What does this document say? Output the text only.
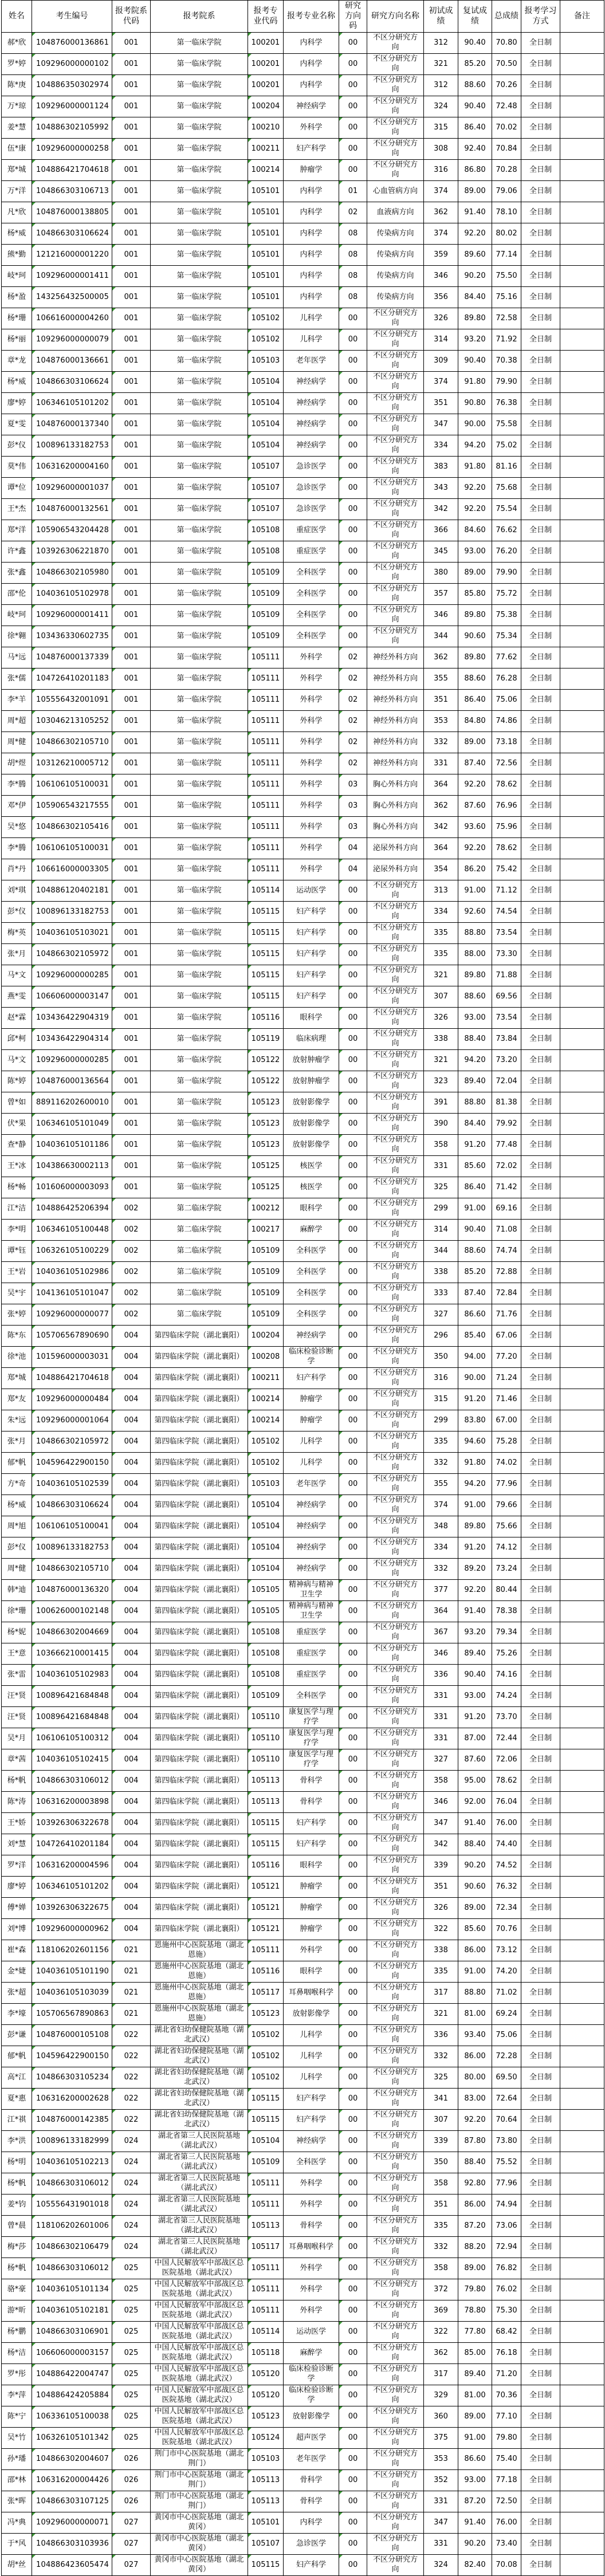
姓名	考生编号	报考院系代码	报考院系	报考专业代码	报考专业名称	研究方向码	研究方向名称	初试成绩	复试成绩	总成绩	报考学习方式	备注
郝*欣	104876000136861	001	第一临床学院	100201	内科学	00	不区分研究方向	312	90.40	70.80	全日制	
罗*婷	109296000000102	001	第一临床学院	100201	内科学	00	不区分研究方向	321	85.20	70.50	全日制	
陈*庚	104886350302974	001	第一临床学院	100201	内科学	00	不区分研究方向	312	88.60	70.26	全日制	
万*琼	109296000001124	001	第一临床学院	100204	神经病学	00	不区分研究方向	324	90.40	72.48	全日制	
姜*慧	104886302105992	001	第一临床学院	100210	外科学	00	不区分研究方向	315	86.40	70.02	全日制	
伍*康	109296000000258	001	第一临床学院	100211	妇产科学	00	不区分研究方向	308	92.40	70.84	全日制	
郑*城	104886421704618	001	第一临床学院	100214	肿瘤学	00	不区分研究方向	316	86.80	70.28	全日制	
万*洋	104866303106713	001	第一临床学院	105101	内科学	01	心血管病方向	374	89.00	79.06	全日制	
凡*欣	104876000138805	001	第一临床学院	105101	内科学	02	血液病方向	362	91.40	78.10	全日制	
杨*威	104866303106624	001	第一临床学院	105101	内科学	08	传染病方向	374	92.20	80.02	全日制	
熊*勤	121216000001220	001	第一临床学院	105101	内科学	08	传染病方向	359	89.60	77.14	全日制	
岐*珂	109296000001411	001	第一临床学院	105101	内科学	08	传染病方向	346	90.20	75.50	全日制	
杨*盈	143256432500005	001	第一临床学院	105101	内科学	08	传染病方向	356	84.40	75.16	全日制	
杨*珊	106616000004260	001	第一临床学院	105102	儿科学	00	不区分研究方向	326	89.80	72.58	全日制	
杨*丽	109296000000079	001	第一临床学院	105102	儿科学	00	不区分研究方向	314	93.20	71.92	全日制	
章*龙	104876000136661	001	第一临床学院	105103	老年医学	00	不区分研究方向	309	90.40	70.38	全日制	
杨*威	104866303106624	001	第一临床学院	105104	神经病学	00	不区分研究方向	374	91.80	79.90	全日制	
廖*婷	106346105101202	001	第一临床学院	105104	神经病学	00	不区分研究方向	351	90.80	76.38	全日制	
夏*雯	104876000137340	001	第一临床学院	105104	神经病学	00	不区分研究方向	347	90.00	75.58	全日制	
彭*仪	100896133182753	001	第一临床学院	105104	神经病学	00	不区分研究方向	334	94.20	75.02	全日制	
莫*伟	106316200004160	001	第一临床学院	105107	急诊医学	00	不区分研究方向	383	91.80	81.16	全日制	
谭*位	109296000001037	001	第一临床学院	105107	急诊医学	00	不区分研究方向	343	92.20	75.68	全日制	
王*杰	104876000132561	001	第一临床学院	105107	急诊医学	00	不区分研究方向	342	92.20	75.54	全日制	
郑*洋	105906543204428	001	第一临床学院	105108	重症医学	00	不区分研究方向	366	84.60	76.62	全日制	
许*鑫	103926306221870	001	第一临床学院	105108	重症医学	00	不区分研究方向	345	93.00	76.20	全日制	
张*鑫	104866302105980	001	第一临床学院	105109	全科医学	00	不区分研究方向	380	89.00	79.90	全日制	
邵*伦	104036105102978	001	第一临床学院	105109	全科医学	00	不区分研究方向	357	85.80	75.72	全日制	
岐*珂	109296000001411	001	第一临床学院	105109	全科医学	00	不区分研究方向	346	89.80	75.38	全日制	
徐*翱	103436330602735	001	第一临床学院	105109	全科医学	00	不区分研究方向	344	90.60	75.34	全日制	
马*远	104876000137339	001	第一临床学院	105111	外科学	02	神经外科方向	362	89.80	77.62	全日制	
张*儒	104726410201183	001	第一临床学院	105111	外科学	02	神经外科方向	355	88.60	76.28	全日制	
李*羊	105556432001091	001	第一临床学院	105111	外科学	02	神经外科方向	351	86.40	75.06	全日制	
周*超	103046213105252	001	第一临床学院	105111	外科学	02	神经外科方向	353	84.80	74.86	全日制	
周*健	104866302105710	001	第一临床学院	105111	外科学	02	神经外科方向	332	89.00	73.18	全日制	
胡*煜	103126210005712	001	第一临床学院	105111	外科学	02	神经外科方向	331	87.40	72.56	全日制	
李*腾	106106105100031	001	第一临床学院	105111	外科学	03	胸心外科方向	364	92.20	78.62	全日制	
邓*伊	105906543217555	001	第一临床学院	105111	外科学	03	胸心外科方向	362	87.60	76.96	全日制	
吴*悠	104866302105416	001	第一临床学院	105111	外科学	03	胸心外科方向	342	93.60	75.96	全日制	
李*腾	106106105100031	001	第一临床学院	105111	外科学	04	泌尿外科方向	364	92.20	78.62	全日制	
肖*丹	106616000003305	001	第一临床学院	105111	外科学	04	泌尿外科方向	354	86.20	75.42	全日制	
刘*琪	104886120402181	001	第一临床学院	105114	运动医学	00	不区分研究方向	313	91.00	71.12	全日制	
彭*仪	100896133182753	001	第一临床学院	105115	妇产科学	00	不区分研究方向	334	92.60	74.54	全日制	
梅*英	104036105103021	001	第一临床学院	105115	妇产科学	00	不区分研究方向	335	88.80	73.54	全日制	
张*月	104866302105972	001	第一临床学院	105115	妇产科学	00	不区分研究方向	335	88.00	73.30	全日制	
马*文	109296000000285	001	第一临床学院	105115	妇产科学	00	不区分研究方向	321	89.80	71.88	全日制	
燕*雯	106606000003147	001	第一临床学院	105115	妇产科学	00	不区分研究方向	307	88.60	69.56	全日制	
赵*霖	103436422904319	001	第一临床学院	105116	眼科学	00	不区分研究方向	326	93.00	73.54	全日制	
邱*柯	103436422904314	001	第一临床学院	105119	临床病理	00	不区分研究方向	338	88.40	73.84	全日制	
马*文	109296000000285	001	第一临床学院	105122	放射肿瘤学	00	不区分研究方向	321	94.20	73.20	全日制	
陈*婷	104876000136564	001	第一临床学院	105122	放射肿瘤学	00	不区分研究方向	323	89.40	72.04	全日制	
曾*如	889116202600010	001	第一临床学院	105123	放射影像学	00	不区分研究方向	391	88.80	81.38	全日制	
伏*果	106346105101049	001	第一临床学院	105123	放射影像学	00	不区分研究方向	390	84.40	79.92	全日制	
查*静	104036105101186	001	第一临床学院	105123	放射影像学	00	不区分研究方向	358	91.20	77.48	全日制	
王*冰	104386630002113	001	第一临床学院	105125	核医学	00	不区分研究方向	331	85.60	72.02	全日制	
杨*畅	101606000003093	001	第一临床学院	105125	核医学	00	不区分研究方向	325	86.40	71.42	全日制	
江*洁	104886425206394	002	第二临床学院	100212	眼科学	00	不区分研究方向	299	91.00	69.16	全日制	
李*明	106346105100448	002	第二临床学院	100217	麻醉学	00	不区分研究方向	314	90.40	71.08	全日制	
谭*钰	106326105100229	002	第二临床学院	105109	全科医学	00	不区分研究方向	344	88.60	74.74	全日制	
王*岩	104036105102986	002	第二临床学院	105109	全科医学	00	不区分研究方向	338	85.20	72.88	全日制	
吴*宇	104136105101047	002	第二临床学院	105109	全科医学	00	不区分研究方向	333	87.40	72.84	全日制	
张*婷	109296000000077	002	第二临床学院	105109	全科医学	00	不区分研究方向	327	86.60	71.76	全日制	
陈*东	105706567890690	004	第四临床学院（湖北襄阳）	100204	神经病学	00	不区分研究方向	296	85.40	67.06	全日制	
徐*池	101596000003031	004	第四临床学院（湖北襄阳）	100208	临床检验诊断学	00	不区分研究方向	350	94.00	77.20	全日制	
郑*城	104886421704618	004	第四临床学院（湖北襄阳）	100211	妇产科学	00	不区分研究方向	316	90.00	71.24	全日制	
郑*友	109296000000484	004	第四临床学院（湖北襄阳）	100214	肿瘤学	00	不区分研究方向	315	91.20	71.46	全日制	
朱*远	109296000001064	004	第四临床学院（湖北襄阳）	100214	肿瘤学	00	不区分研究方向	299	83.80	67.00	全日制	
张*月	104866302105972	004	第四临床学院（湖北襄阳）	105102	儿科学	00	不区分研究方向	335	94.60	75.28	全日制	
郁*帆	104596422900150	004	第四临床学院（湖北襄阳）	105102	儿科学	00	不区分研究方向	332	91.80	74.02	全日制	
方*奇	104036105102539	004	第四临床学院（湖北襄阳）	105103	老年医学	00	不区分研究方向	355	94.20	77.96	全日制	
杨*威	104866303106624	004	第四临床学院（湖北襄阳）	105104	神经病学	00	不区分研究方向	374	91.00	79.66	全日制	
周*旭	106106105100041	004	第四临床学院（湖北襄阳）	105104	神经病学	00	不区分研究方向	348	89.80	75.66	全日制	
彭*仪	100896133182753	004	第四临床学院（湖北襄阳）	105104	神经病学	00	不区分研究方向	334	91.20	74.12	全日制	
周*健	104866302105710	004	第四临床学院（湖北襄阳）	105104	神经病学	00	不区分研究方向	332	89.20	73.24	全日制	
韩*迪	104876000136320	004	第四临床学院（湖北襄阳）	105105	精神病与精神卫生学	00	不区分研究方向	377	92.20	80.44	全日制	
徐*珊	100626000102148	004	第四临床学院（湖北襄阳）	105105	精神病与精神卫生学	00	不区分研究方向	364	91.40	78.38	全日制	
杨*妮	104866302004669	004	第四临床学院（湖北襄阳）	105108	重症医学	00	不区分研究方向	367	93.20	79.34	全日制	
王*意	103666210001415	004	第四临床学院（湖北襄阳）	105108	重症医学	00	不区分研究方向	346	89.40	75.26	全日制	
张*雷	104036105102983	004	第四临床学院（湖北襄阳）	105108	重症医学	00	不区分研究方向	336	90.40	74.16	全日制	
汪*贤	100896421684848	004	第四临床学院（湖北襄阳）	105109	全科医学	00	不区分研究方向	331	93.00	74.24	全日制	
汪*贤	100896421684848	004	第四临床学院（湖北襄阳）	105110	康复医学与理疗学	00	不区分研究方向	331	91.20	73.70	全日制	
吴*月	106106105100312	004	第四临床学院（湖北襄阳）	105110	康复医学与理疗学	00	不区分研究方向	331	87.00	72.44	全日制	
章*茜	104036105102415	004	第四临床学院（湖北襄阳）	105110	康复医学与理疗学	00	不区分研究方向	327	87.60	72.06	全日制	
杨*帆	104866303106012	004	第四临床学院（湖北襄阳）	105113	骨科学	00	不区分研究方向	358	95.00	78.62	全日制	
陈*涛	106316200003898	004	第四临床学院（湖北襄阳）	105113	骨科学	00	不区分研究方向	346	92.00	76.04	全日制	
王*娇	103926306322678	004	第四临床学院（湖北襄阳）	105115	妇产科学	00	不区分研究方向	347	91.40	76.00	全日制	
刘*慧	104726410201184	004	第四临床学院（湖北襄阳）	105115	妇产科学	00	不区分研究方向	342	88.40	74.40	全日制	
罗*洋	106316200004596	004	第四临床学院（湖北襄阳）	105116	眼科学	00	不区分研究方向	339	90.20	74.52	全日制	
廖*婷	106346105101202	004	第四临床学院（湖北襄阳）	105121	肿瘤学	00	不区分研究方向	351	90.60	76.32	全日制	
傅*婵	103926306322675	004	第四临床学院（湖北襄阳）	105121	肿瘤学	00	不区分研究方向	326	89.00	72.34	全日制	
刘*博	109296000000962	004	第四临床学院（湖北襄阳）	105121	肿瘤学	00	不区分研究方向	322	85.60	70.76	全日制	
崔*森	118106202601156	021	恩施州中心医院基地（湖北恩施）	105111	外科学	00	不区分研究方向	338	86.00	73.12	全日制	
金*婕	104036105101190	021	恩施州中心医院基地（湖北恩施）	105116	眼科学	00	不区分研究方向	335	91.00	74.20	全日制	
张*超	104036105103039	021	恩施州中心医院基地（湖北恩施）	105117	耳鼻咽喉科学	00	不区分研究方向	317	88.80	71.02	全日制	
李*壕	105706567890863	021	恩施州中心医院基地（湖北恩施）	105123	放射影像学	00	不区分研究方向	321	81.00	69.24	全日制	
彭*谦	104876000105108	022	湖北省妇幼保健院基地（湖北武汉）	105102	儿科学	00	不区分研究方向	336	93.40	75.06	全日制	
郁*帆	104596422900150	022	湖北省妇幼保健院基地（湖北武汉）	105102	儿科学	00	不区分研究方向	332	86.00	72.28	全日制	
高*江	104866303105234	022	湖北省妇幼保健院基地（湖北武汉）	105102	儿科学	00	不区分研究方向	325	80.00	69.50	全日制	
夏*惠	106316200002628	022	湖北省妇幼保健院基地（湖北武汉）	105115	妇产科学	00	不区分研究方向	341	83.00	72.64	全日制	
江*祺	104876000142385	022	湖北省妇幼保健院基地（湖北武汉）	105115	妇产科学	00	不区分研究方向	307	92.20	70.64	全日制	
李*洪	100896133182999	024	湖北省第三人民医院基地（湖北武汉）	105104	神经病学	00	不区分研究方向	339	87.80	73.80	全日制	
杨*明	104036105102213	024	湖北省第三人民医院基地（湖北武汉）	105109	全科医学	00	不区分研究方向	350	88.40	75.52	全日制	
杨*帆	104866303106012	024	湖北省第三人民医院基地（湖北武汉）	105111	外科学	00	不区分研究方向	358	92.80	77.96	全日制	
姜*钧	105556431901018	024	湖北省第三人民医院基地（湖北武汉）	105111	外科学	00	不区分研究方向	351	86.00	74.94	全日制	
曾*晨	118106202601006	024	湖北省第三人民医院基地（湖北武汉）	105113	骨科学	00	不区分研究方向	335	87.20	73.06	全日制	
梅*莎	104866302106479	024	湖北省第三人民医院基地（湖北武汉）	105117	耳鼻咽喉科学	00	不区分研究方向	332	88.20	72.94	全日制	
杨*帆	104866303106012	025	中国人民解放军中部战区总医院基地（湖北武汉）	105111	外科学	00	不区分研究方向	358	89.00	76.82	全日制	
骆*豪	104036105101134	025	中国人民解放军中部战区总医院基地（湖北武汉）	105111	外科学	00	不区分研究方向	372	79.80	76.02	全日制	
游*昕	104036105102181	025	中国人民解放军中部战区总医院基地（湖北武汉）	105111	外科学	00	不区分研究方向	369	78.80	75.30	全日制	
杨*鹏	104866303106901	025	中国人民解放军中部战区总医院基地（湖北武汉）	105114	运动医学	00	不区分研究方向	322	77.80	68.42	全日制	
杨*洁	106606000003157	025	中国人民解放军中部战区总医院基地（湖北武汉）	105118	麻醉学	00	不区分研究方向	362	85.00	76.18	全日制	
罗*彤	104886422004747	025	中国人民解放军中部战区总医院基地（湖北武汉）	105120	临床检验诊断学	00	不区分研究方向	317	89.40	71.20	全日制	
李*萍	104886424205884	025	中国人民解放军中部战区总医院基地（湖北武汉）	105120	临床检验诊断学	00	不区分研究方向	329	81.00	70.36	全日制	
陈*宁	106336105100038	025	中国人民解放军中部战区总医院基地（湖北武汉）	105123	放射影像学	00	不区分研究方向	360	89.00	77.10	全日制	
吴*竹	106326105101342	025	中国人民解放军中部战区总医院基地（湖北武汉）	105124	超声医学	00	不区分研究方向	375	91.00	79.80	全日制	
孙*璠	104866302004607	026	荆门市中心医院基地（湖北荆门）	105103	老年医学	00	不区分研究方向	353	86.60	75.40	全日制	
邵*林	106316200004426	026	荆门市中心医院基地（湖北荆门）	105113	骨科学	00	不区分研究方向	352	93.00	77.18	全日制	
张*晖	104866303107125	026	荆门市中心医院基地（湖北荆门）	105113	骨科学	00	不区分研究方向	331	87.20	72.50	全日制	
冯*典	109296000000071	027	黄冈市中心医院基地（湖北黄冈）	105101	内科学	00	不区分研究方向	347	91.40	76.00	全日制	
于*风	104866303103936	027	黄冈市中心医院基地（湖北黄冈）	105107	急诊医学	00	不区分研究方向	331	90.20	73.40	全日制	
胡*丝	104886423605474	027	黄冈市中心医院基地（湖北黄冈）	105115	妇产科学	00	不区分研究方向	324	82.40	70.08	全日制	
